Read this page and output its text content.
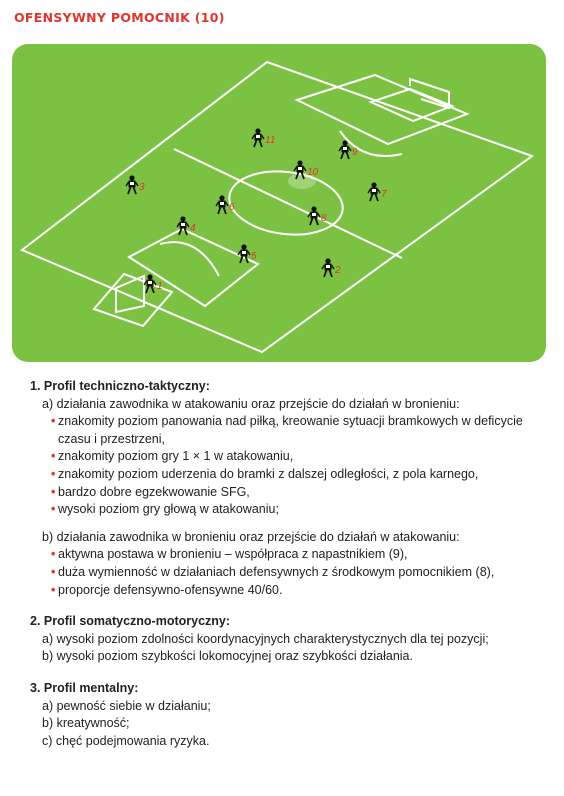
OFENSYWNY POMOCNIK (10)
11
9
10
3
6
8
7
4
5
2
1

1. Profil techniczno-taktyczny:

a) działania zawodnika w atakowaniu oraz przejście do działań w bronieniu:
• znakomity poziom panowania nad piłką, kreowanie sytuacji bramkowych w deficycie
czasu i przestrzeni,
• znakomity poziom gry 1 × 1 w atakowaniu,
• znakomity poziom uderzenia do bramki z dalszej odległości, z pola karnego,
• bardzo dobre egzekwowanie SFG,
• wysoki poziom gry głową w atakowaniu;
b) działania zawodnika w bronieniu oraz przejście do działań w atakowaniu:
• aktywna postawa w bronieniu – współpraca z napastnikiem (9),
• duża wymienność w działaniach defensywnych z środkowym pomocnikiem (8),
• proporcje defensywno-ofensywne 40/60.

2. Profil somatyczno-motoryczny:

a) wysoki poziom zdolności koordynacyjnych charakterystycznych dla tej pozycji;
b) wysoki poziom szybkości lokomocyjnej oraz szybkości działania.

3. Profil mentalny:

a) pewność siebie w działaniu;
b) kreatywność;
c) chęć podejmowania ryzyka.
